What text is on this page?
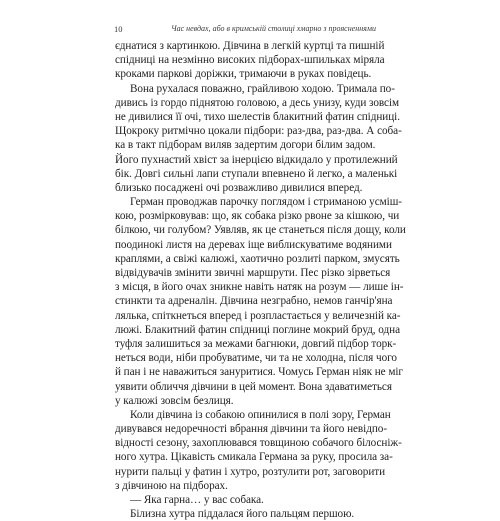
10	Час невдах, або в кримській столиці хмарно з проясненнями
єднатися з картинкою. Дівчина в легкій куртці та пишній
спідниці на незмінно високих підборах-шпильках міряла
кроками паркові доріжки, тримаючи в руках повідець.
Вона рухалася поважно, грайливою ходою. Тримала по-
дивись із гордо піднятою головою, а десь унизу, куди зовсім
не дивилися її очі, тихо шелестів блакитний фатин спідниці.
Щокроку ритмічно цокали підбори: раз-два, раз-два. А соба-
ка в такт підборам виляв задертим догори білим задом.
Його пухнастий хвіст за інерцією відкидало у протилежний
бік. Довгі сильні лапи ступали впевнено й легко, а маленькі
близько посаджені очі розважливо дивилися вперед.
Герман проводжав парочку поглядом і стриманою усміш-
кою, розмірковував: що, як собака різко рвоне за кішкою, чи
білкою, чи голубом? Уявляв, як це станеться після дощу, коли
поодинокі листя на деревах іще виблискуватиме водяними
краплями, а свіжі калюжі, хаотично розлиті парком, змусять
відвідувачів змінити звичні маршрути. Пес різко зірветься
з місця, в його очах зникне навіть натяк на розум — лише ін-
стинкти та адреналін. Дівчина незграбно, немов ганчір'яна
лялька, спіткнеться вперед і розпластається у величезній ка-
люжі. Блакитний фатин спідниці поглине мокрий бруд, одна
туфля залишиться за межами багнюки, довгий підбор торк-
неться води, ніби пробуватиме, чи та не холодна, після чого
й пан і не наважиться зануритися. Чомусь Герман ніяк не міг
уявити обличчя дівчини в цей момент. Вона здаватиметься
у калюжі зовсім безлиця.
Коли дівчина із собакою опинилися в полі зору, Герман
дивувався недоречності вбрання дівчини та його невідпо-
відності сезону, захоплювався товщиною собачого білосніж-
ного хутра. Цікавість смикала Германа за руку, просила за-
нурити пальці у фатин і хутро, розтулити рот, заговорити
з дівчиною на підборах.
— Яка гарна… у вас собака.
Білизна хутра піддалася його пальцям першою.
